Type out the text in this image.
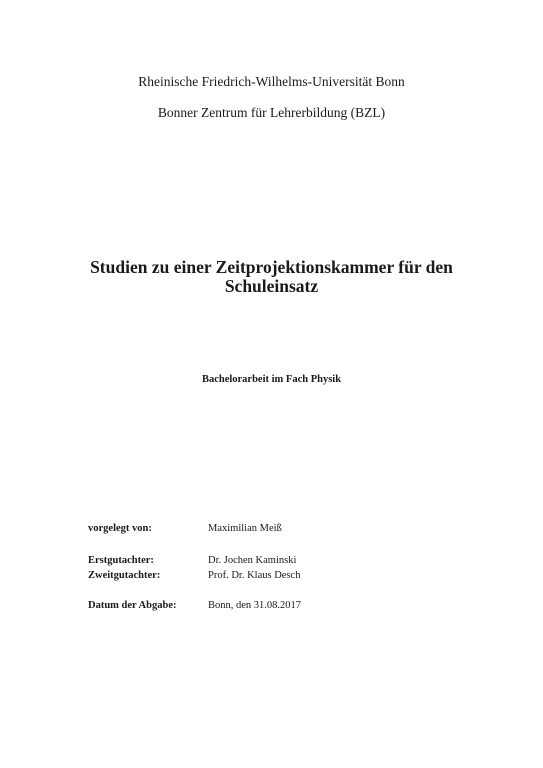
Rheinische Friedrich-Wilhelms-Universität Bonn
Bonner Zentrum für Lehrerbildung (BZL)
Studien zu einer Zeitprojektionskammer für den Schuleinsatz
Bachelorarbeit im Fach Physik
vorgelegt von:	Maximilian Meiß
Erstgutachter:	Dr. Jochen Kaminski
Zweitgutachter:	Prof. Dr. Klaus Desch
Datum der Abgabe:	Bonn, den 31.08.2017
